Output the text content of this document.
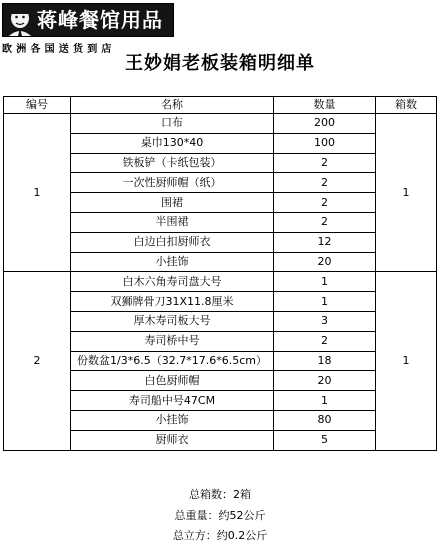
蒋峰餐馆用品
欧洲各国送货到店
王妙娟老板装箱明细单
编号	名称	数量	箱数
1	口布	200	1
	桌巾130*40	100	
	铁板铲（卡纸包装）	2	
	一次性厨师帽（纸）	2	
	围裙	2	
	半围裙	2	
	白边白扣厨师衣	12	
	小挂饰	20	
2	白木六角寿司盘大号	1	1
	双狮牌骨刀31X11.8厘米	1	
	厚木寿司板大号	3	
	寿司桥中号	2	
	份数盆1/3*6.5（32.7*17.6*6.5cm）	18	
	白色厨师帽	20	
	寿司船中号47CM	1	
	小挂饰	80	
	厨师衣	5	
总箱数：2箱
总重量：约52公斤
总立方：约0.2公斤
